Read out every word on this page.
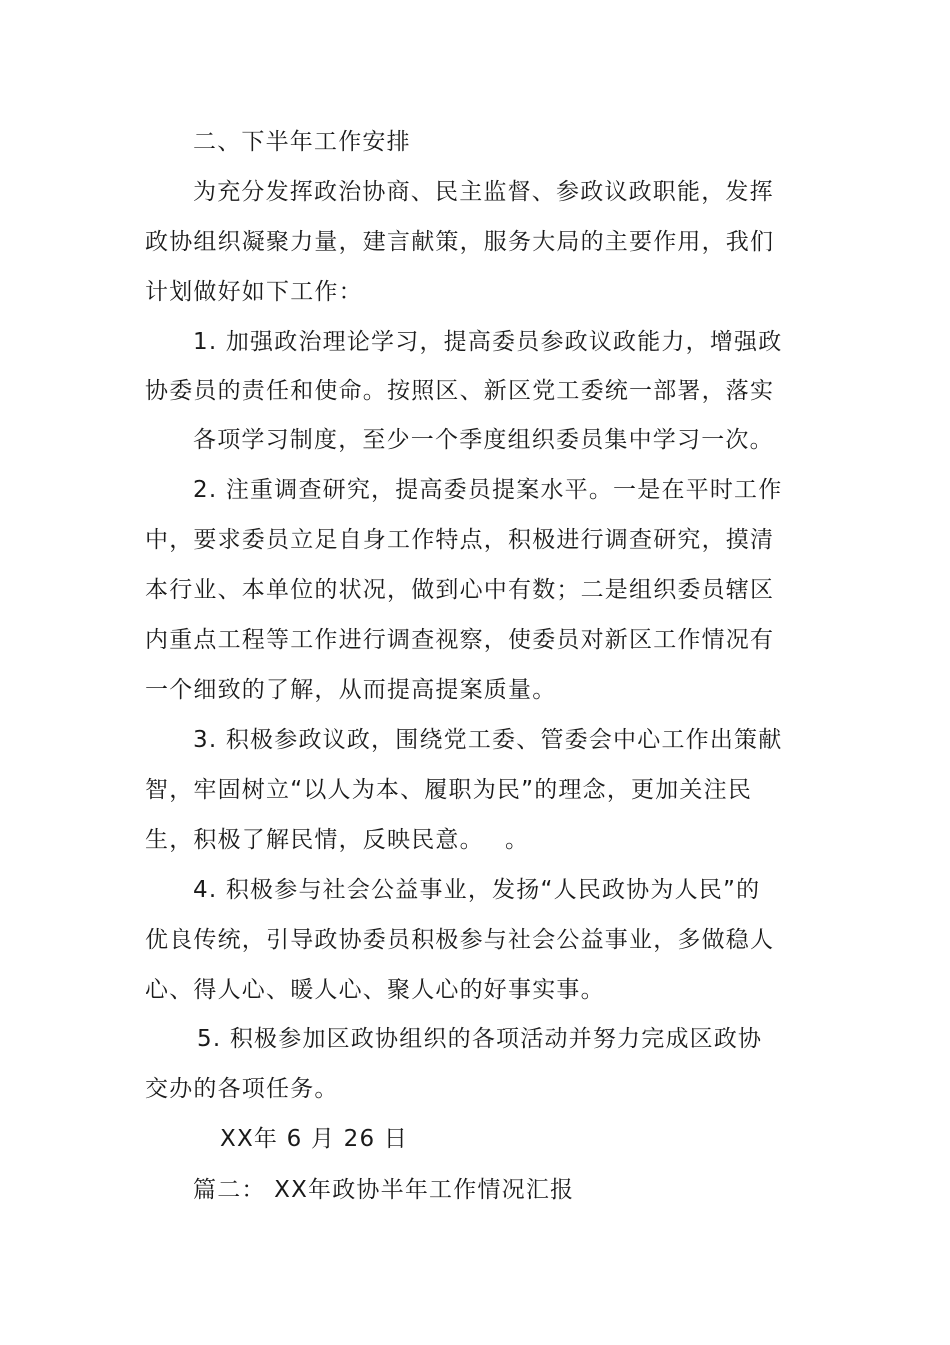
二、下半年工作安排
为充分发挥政治协商、民主监督、参政议政职能，发挥
政协组织凝聚力量，建言献策，服务大局的主要作用，我们
计划做好如下工作：
1. 加强政治理论学习，提高委员参政议政能力，增强政
协委员的责任和使命。按照区、新区党工委统一部署，落实
各项学习制度，至少一个季度组织委员集中学习一次。
2. 注重调查研究，提高委员提案水平。一是在平时工作
中，要求委员立足自身工作特点，积极进行调查研究，摸清
本行业、本单位的状况，做到心中有数；二是组织委员辖区
内重点工程等工作进行调查视察，使委员对新区工作情况有
一个细致的了解，从而提高提案质量。
3. 积极参政议政，围绕党工委、管委会中心工作出策献
智，牢固树立“以人为本、履职为民”的理念，更加关注民
生，积极了解民情，反映民意。　 。
4. 积极参与社会公益事业，发扬“人民政协为人民”的
优良传统，引导政协委员积极参与社会公益事业，多做稳人
心、得人心、暖人心、聚人心的好事实事。
5. 积极参加区政协组织的各项活动并努力完成区政协
交办的各项任务。
XX年 6 月 26 日
篇二： XX年政协半年工作情况汇报
